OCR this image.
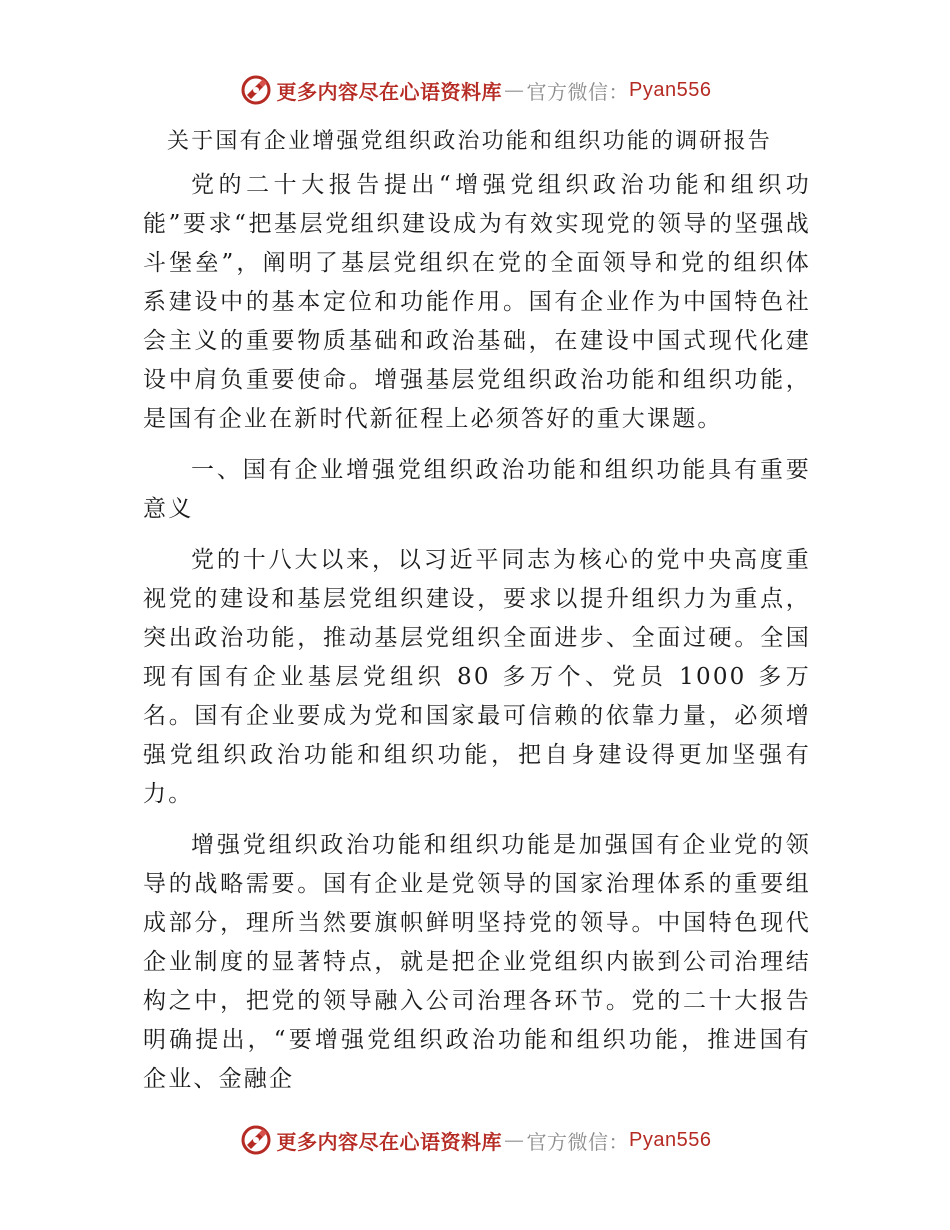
更多内容尽在心语资料库 — 官方微信： Pyan556
关于国有企业增强党组织政治功能和组织功能的调研报告

党的二十大报告提出“增强党组织政治功能和组织功能”要求“把基层党组织建设成为有效实现党的领导的坚强战斗堡垒”，阐明了基层党组织在党的全面领导和党的组织体系建设中的基本定位和功能作用。国有企业作为中国特色社会主义的重要物质基础和政治基础，在建设中国式现代化建设中肩负重要使命。增强基层党组织政治功能和组织功能，是国有企业在新时代新征程上必须答好的重大课题。

一、国有企业增强党组织政治功能和组织功能具有重要意义

党的十八大以来，以习近平同志为核心的党中央高度重视党的建设和基层党组织建设，要求以提升组织力为重点，突出政治功能，推动基层党组织全面进步、全面过硬。全国现有国有企业基层党组织 80 多万个、党员 1000 多万名。国有企业要成为党和国家最可信赖的依靠力量，必须增强党组织政治功能和组织功能，把自身建设得更加坚强有力。

增强党组织政治功能和组织功能是加强国有企业党的领导的战略需要。国有企业是党领导的国家治理体系的重要组成部分，理所当然要旗帜鲜明坚持党的领导。中国特色现代企业制度的显著特点，就是把企业党组织内嵌到公司治理结构之中，把党的领导融入公司治理各环节。党的二十大报告明确提出，“要增强党组织政治功能和组织功能，推进国有企业、金融企

更多内容尽在心语资料库 — 官方微信： Pyan556
